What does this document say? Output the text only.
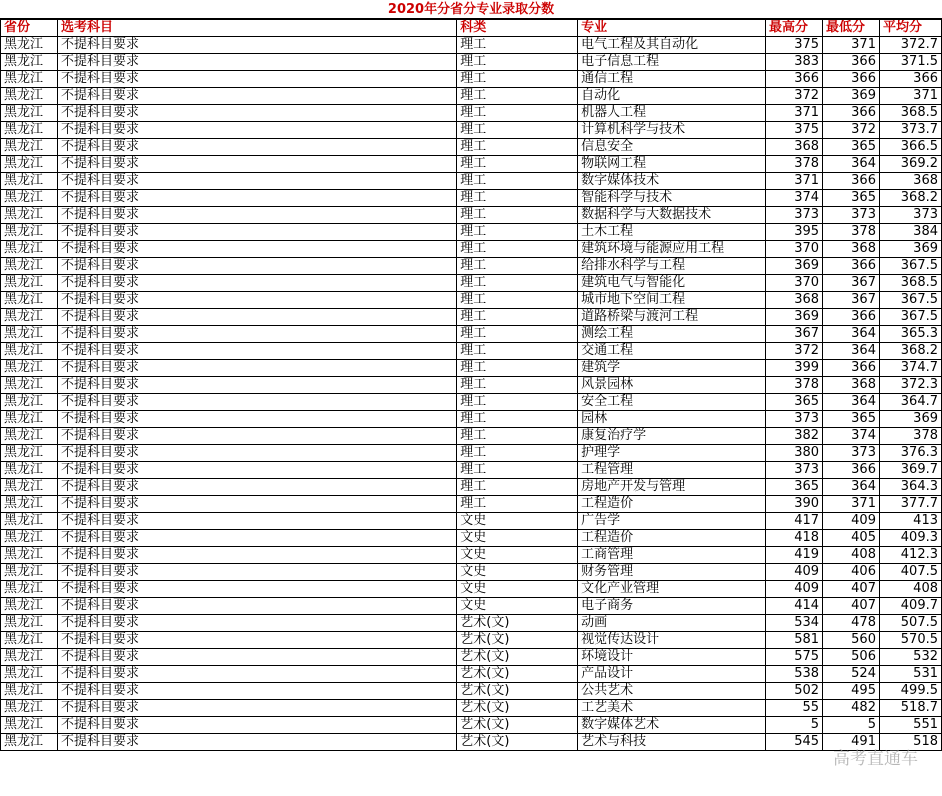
2020年分省分专业录取分数
省份	选考科目	科类	专业	最高分	最低分	平均分
黑龙江	不提科目要求	理工	电气工程及其自动化	375	371	372.7
黑龙江	不提科目要求	理工	电子信息工程	383	366	371.5
黑龙江	不提科目要求	理工	通信工程	366	366	366
黑龙江	不提科目要求	理工	自动化	372	369	371
黑龙江	不提科目要求	理工	机器人工程	371	366	368.5
黑龙江	不提科目要求	理工	计算机科学与技术	375	372	373.7
黑龙江	不提科目要求	理工	信息安全	368	365	366.5
黑龙江	不提科目要求	理工	物联网工程	378	364	369.2
黑龙江	不提科目要求	理工	数字媒体技术	371	366	368
黑龙江	不提科目要求	理工	智能科学与技术	374	365	368.2
黑龙江	不提科目要求	理工	数据科学与大数据技术	373	373	373
黑龙江	不提科目要求	理工	土木工程	395	378	384
黑龙江	不提科目要求	理工	建筑环境与能源应用工程	370	368	369
黑龙江	不提科目要求	理工	给排水科学与工程	369	366	367.5
黑龙江	不提科目要求	理工	建筑电气与智能化	370	367	368.5
黑龙江	不提科目要求	理工	城市地下空间工程	368	367	367.5
黑龙江	不提科目要求	理工	道路桥梁与渡河工程	369	366	367.5
黑龙江	不提科目要求	理工	测绘工程	367	364	365.3
黑龙江	不提科目要求	理工	交通工程	372	364	368.2
黑龙江	不提科目要求	理工	建筑学	399	366	374.7
黑龙江	不提科目要求	理工	风景园林	378	368	372.3
黑龙江	不提科目要求	理工	安全工程	365	364	364.7
黑龙江	不提科目要求	理工	园林	373	365	369
黑龙江	不提科目要求	理工	康复治疗学	382	374	378
黑龙江	不提科目要求	理工	护理学	380	373	376.3
黑龙江	不提科目要求	理工	工程管理	373	366	369.7
黑龙江	不提科目要求	理工	房地产开发与管理	365	364	364.3
黑龙江	不提科目要求	理工	工程造价	390	371	377.7
黑龙江	不提科目要求	文史	广告学	417	409	413
黑龙江	不提科目要求	文史	工程造价	418	405	409.3
黑龙江	不提科目要求	文史	工商管理	419	408	412.3
黑龙江	不提科目要求	文史	财务管理	409	406	407.5
黑龙江	不提科目要求	文史	文化产业管理	409	407	408
黑龙江	不提科目要求	文史	电子商务	414	407	409.7
黑龙江	不提科目要求	艺术(文)	动画	534	478	507.5
黑龙江	不提科目要求	艺术(文)	视觉传达设计	581	560	570.5
黑龙江	不提科目要求	艺术(文)	环境设计	575	506	532
黑龙江	不提科目要求	艺术(文)	产品设计	538	524	531
黑龙江	不提科目要求	艺术(文)	公共艺术	502	495	499.5
黑龙江	不提科目要求	艺术(文)	工艺美术	55	482	518.7
黑龙江	不提科目要求	艺术(文)	数字媒体艺术	5	5	551
黑龙江	不提科目要求	艺术(文)	艺术与科技	545	491	518
高考直通车
